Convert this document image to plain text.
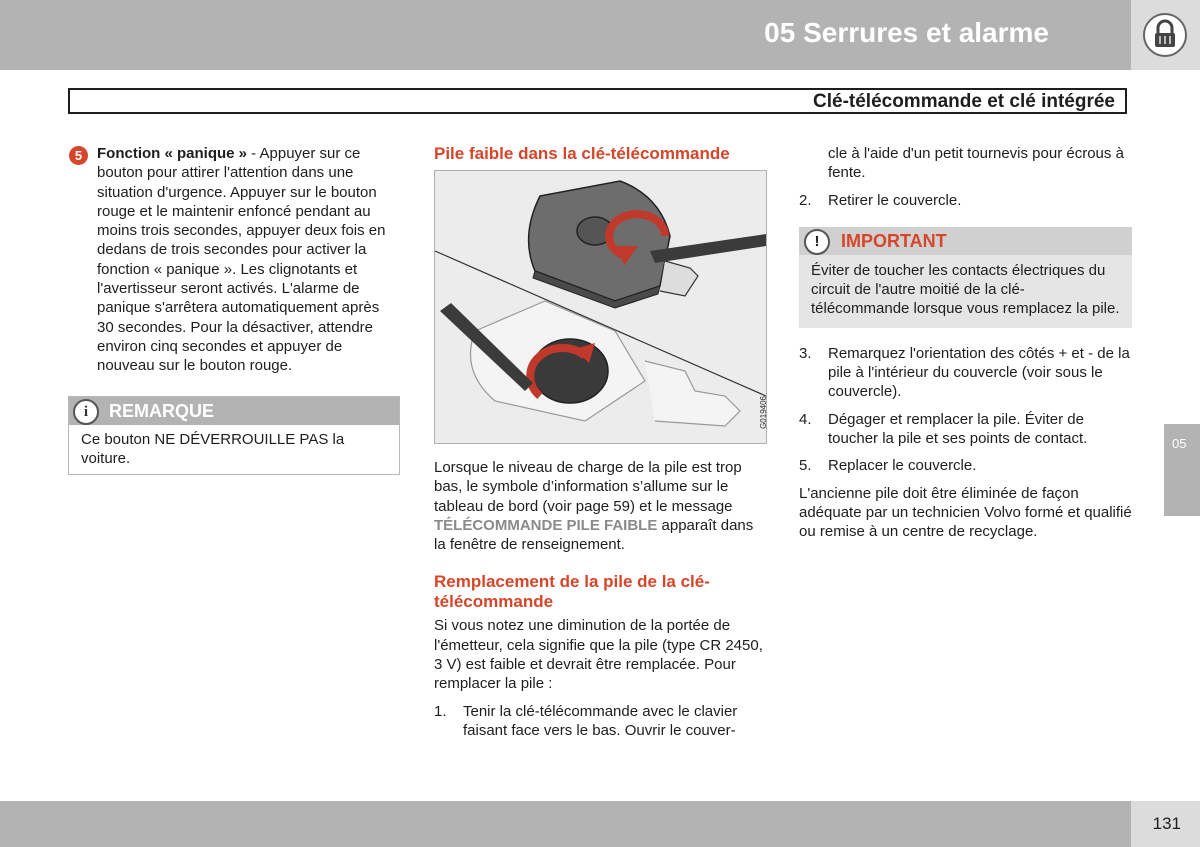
05 Serrures et alarme
Clé-télécommande et clé intégrée
5 Fonction « panique » - Appuyer sur ce bouton pour attirer l'attention dans une situation d'urgence. Appuyer sur le bouton rouge et le maintenir enfoncé pendant au moins trois secondes, appuyer deux fois en dedans de trois secondes pour activer la fonction « panique ». Les clignotants et l'avertisseur seront activés. L'alarme de panique s'arrêtera automatiquement après 30 secondes. Pour la désactiver, attendre environ cinq secondes et appuyer de nouveau sur le bouton rouge.

i	REMARQUE
Ce bouton NE DÉVERROUILLE PAS la voiture.
Pile faible dans la clé-télécommande
G019406

Lorsque le niveau de charge de la pile est trop bas, le symbole d’information s’allume sur le tableau de bord (voir page 59) et le message TÉLÉCOMMANDE PILE FAIBLE apparaît dans la fenêtre de renseignement.

Remplacement de la pile de la clé-télécommande

Si vous notez une diminution de la portée de l'émetteur, cela signifie que la pile (type CR 2450, 3 V) est faible et devrait être remplacée. Pour remplacer la pile :

1. Tenir la clé-télécommande avec le clavier faisant face vers le bas. Ouvrir le couver-

cle à l'aide d'un petit tournevis pour écrous à fente.

2. Retirer le couvercle.
!	IMPORTANT
Éviter de toucher les contacts électriques du circuit de l'autre moitié de la clé-télécommande lorsque vous remplacez la pile.
3. Remarquez l'orientation des côtés + et - de la pile à l'intérieur du couvercle (voir sous le couvercle).
4. Dégager et remplacer la pile. Éviter de toucher la pile et ses points de contact.
5. Replacer le couvercle.

L'ancienne pile doit être éliminée de façon adéquate par un technicien Volvo formé et qualifié ou remise à un centre de recyclage.

05
131
